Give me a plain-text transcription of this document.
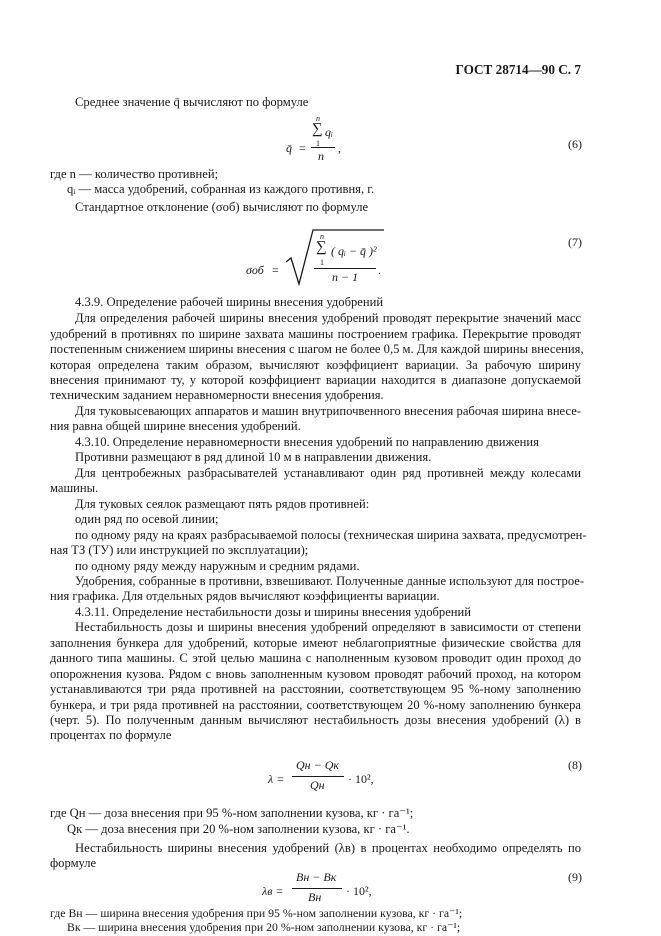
ГОСТ 28714—90 С. 7
Среднее значение q̄ вычисляют по формуле
q̄ =
n
∑
1
qᵢ
n
,	(6)
где n — количество противней;
qᵢ — масса удобрений, собранная из каждого противня, г.
Стандартное отклонение (σоб) вычисляют по формуле
σоб =
n
∑
1
( qᵢ − q̄ )²
n − 1 .
(7)
4.3.9. Определение рабочей ширины внесения удобрений
Для определения рабочей ширины внесения удобрений проводят перекрытие значений масс
удобрений в противнях по ширине захвата машины построением графика. Перекрытие проводят
постепенным снижением ширины внесения с шагом не более 0,5 м. Для каждой ширины внесения,
которая определена таким образом, вычисляют коэффициент вариации. За рабочую ширину
внесения принимают ту, у которой коэффициент вариации находится в диапазоне допускаемой
техническим заданием неравномерности внесения удобрения.
Для туковысевающих аппаратов и машин внутрипочвенного внесения рабочая ширина внесе-
ния равна общей ширине внесения удобрений.
4.3.10. Определение неравномерности внесения удобрений по направлению движения
Противни размещают в ряд длиной 10 м в направлении движения.
Для центробежных разбрасывателей устанавливают один ряд противней между колесами
машины.
Для туковых сеялок размещают пять рядов противней:
один ряд по осевой линии;
по одному ряду на краях разбрасываемой полосы (техническая ширина захвата, предусмотрен-
ная ТЗ (ТУ) или инструкцией по эксплуатации);
по одному ряду между наружным и средним рядами.
Удобрения, собранные в противни, взвешивают. Полученные данные используют для построе-
ния графика. Для отдельных рядов вычисляют коэффициенты вариации.
4.3.11. Определение нестабильности дозы и ширины внесения удобрений
Нестабильность дозы и ширины внесения удобрений определяют в зависимости от степени
заполнения бункера для удобрений, которые имеют неблагоприятные физические свойства для
данного типа машины. С этой целью машина с наполненным кузовом проводит один проход до
опорожнения кузова. Рядом с вновь заполненным кузовом проводят рабочий проход, на котором
устанавливаются три ряда противней на расстоянии, соответствующем 95 %-ному заполнению
бункера, и три ряда противней на расстоянии, соответствующем 20 %-ному заполнению бункера
(черт. 5). По полученным данным вычисляют нестабильность дозы внесения удобрений (λ) в
процентах по формуле
λ =
Qн − Qк
Qн · 10²,
(8)
где Qн — доза внесения при 95 %-ном заполнении кузова, кг · га⁻¹;
Qк — доза внесения при 20 %-ном заполнении кузова, кг · га⁻¹.
Нестабильность ширины внесения удобрений (λв) в процентах необходимо определять по
формуле
λв =
Bн − Bк
Bн · 10²,
(9)
где Bн — ширина внесения удобрения при 95 %-ном заполнении кузова, кг · га⁻¹;
Bк — ширина внесения удобрения при 20 %-ном заполнении кузова, кг · га⁻¹;
